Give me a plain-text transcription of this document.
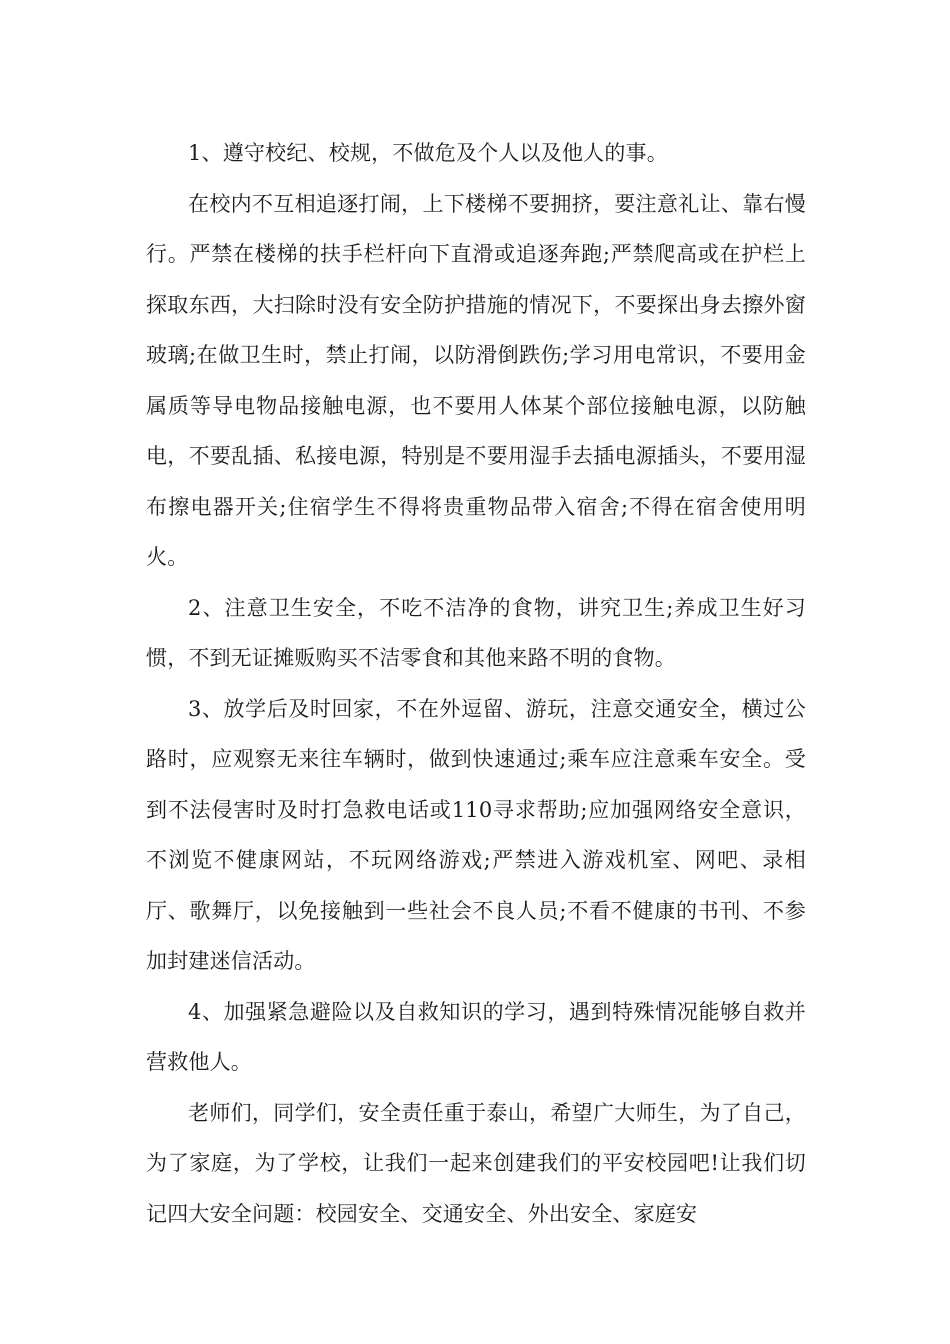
1、遵守校纪、校规，不做危及个人以及他人的事。

在校内不互相追逐打闹，上下楼梯不要拥挤，要注意礼让、靠右慢行。严禁在楼梯的扶手栏杆向下直滑或追逐奔跑;严禁爬高或在护栏上探取东西，大扫除时没有安全防护措施的情况下，不要探出身去擦外窗玻璃;在做卫生时，禁止打闹，以防滑倒跌伤;学习用电常识，不要用金属质等导电物品接触电源，也不要用人体某个部位接触电源，以防触电，不要乱插、私接电源，特别是不要用湿手去插电源插头，不要用湿布擦电器开关;住宿学生不得将贵重物品带入宿舍;不得在宿舍使用明火。

2、注意卫生安全，不吃不洁净的食物，讲究卫生;养成卫生好习惯，不到无证摊贩购买不洁零食和其他来路不明的食物。

3、放学后及时回家，不在外逗留、游玩，注意交通安全，横过公路时，应观察无来往车辆时，做到快速通过;乘车应注意乘车安全。受到不法侵害时及时打急救电话或110寻求帮助;应加强网络安全意识，不浏览不健康网站，不玩网络游戏;严禁进入游戏机室、网吧、录相厅、歌舞厅，以免接触到一些社会不良人员;不看不健康的书刊、不参加封建迷信活动。

4、加强紧急避险以及自救知识的学习，遇到特殊情况能够自救并营救他人。

老师们，同学们，安全责任重于泰山，希望广大师生，为了自己，为了家庭，为了学校，让我们一起来创建我们的平安校园吧!让我们切记四大安全问题：校园安全、交通安全、外出安全、家庭安
